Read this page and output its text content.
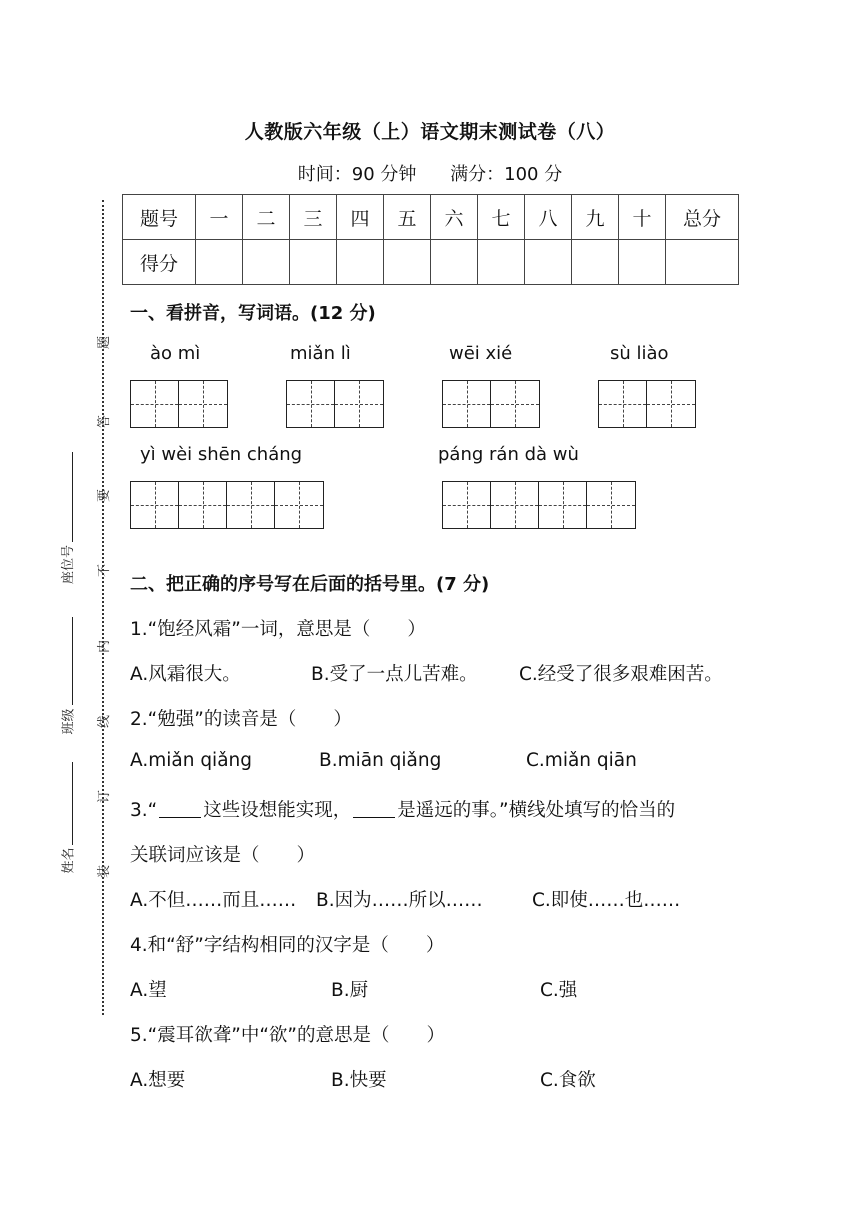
人教版六年级（上）语文期末测试卷（八）
时间：90 分钟 满分：100 分
题号	一	二	三	四	五	六	七	八	九	十	总分
得分											
题
答
要
不
内
线
订
装
座位号
班级
姓名
一、看拼音，写词语。(12 分)
ào mì	miǎn lì	wēi xié	sù liào
yì wèi shēn cháng	páng rán dà wù
二、把正确的序号写在后面的括号里。(7 分)
1.“饱经风霜”一词，意思是（　　）
A.风霜很大。	B.受了一点儿苦难。 C.经受了很多艰难困苦。
2.“勉强”的读音是（　　）
A.miǎn qiǎng	B.miān qiǎng	C.miǎn qiān
3.“ 这些设想能实现， 是遥远的事。”横线处填写的恰当的
关联词应该是（　　）
A.不但……而且…… B.因为……所以……	C.即使……也……
4.和“舒”字结构相同的汉字是（　　）
A.望	B.厨	C.强
5.“震耳欲聋”中“欲”的意思是（　　）
A.想要	B.快要	C.食欲
